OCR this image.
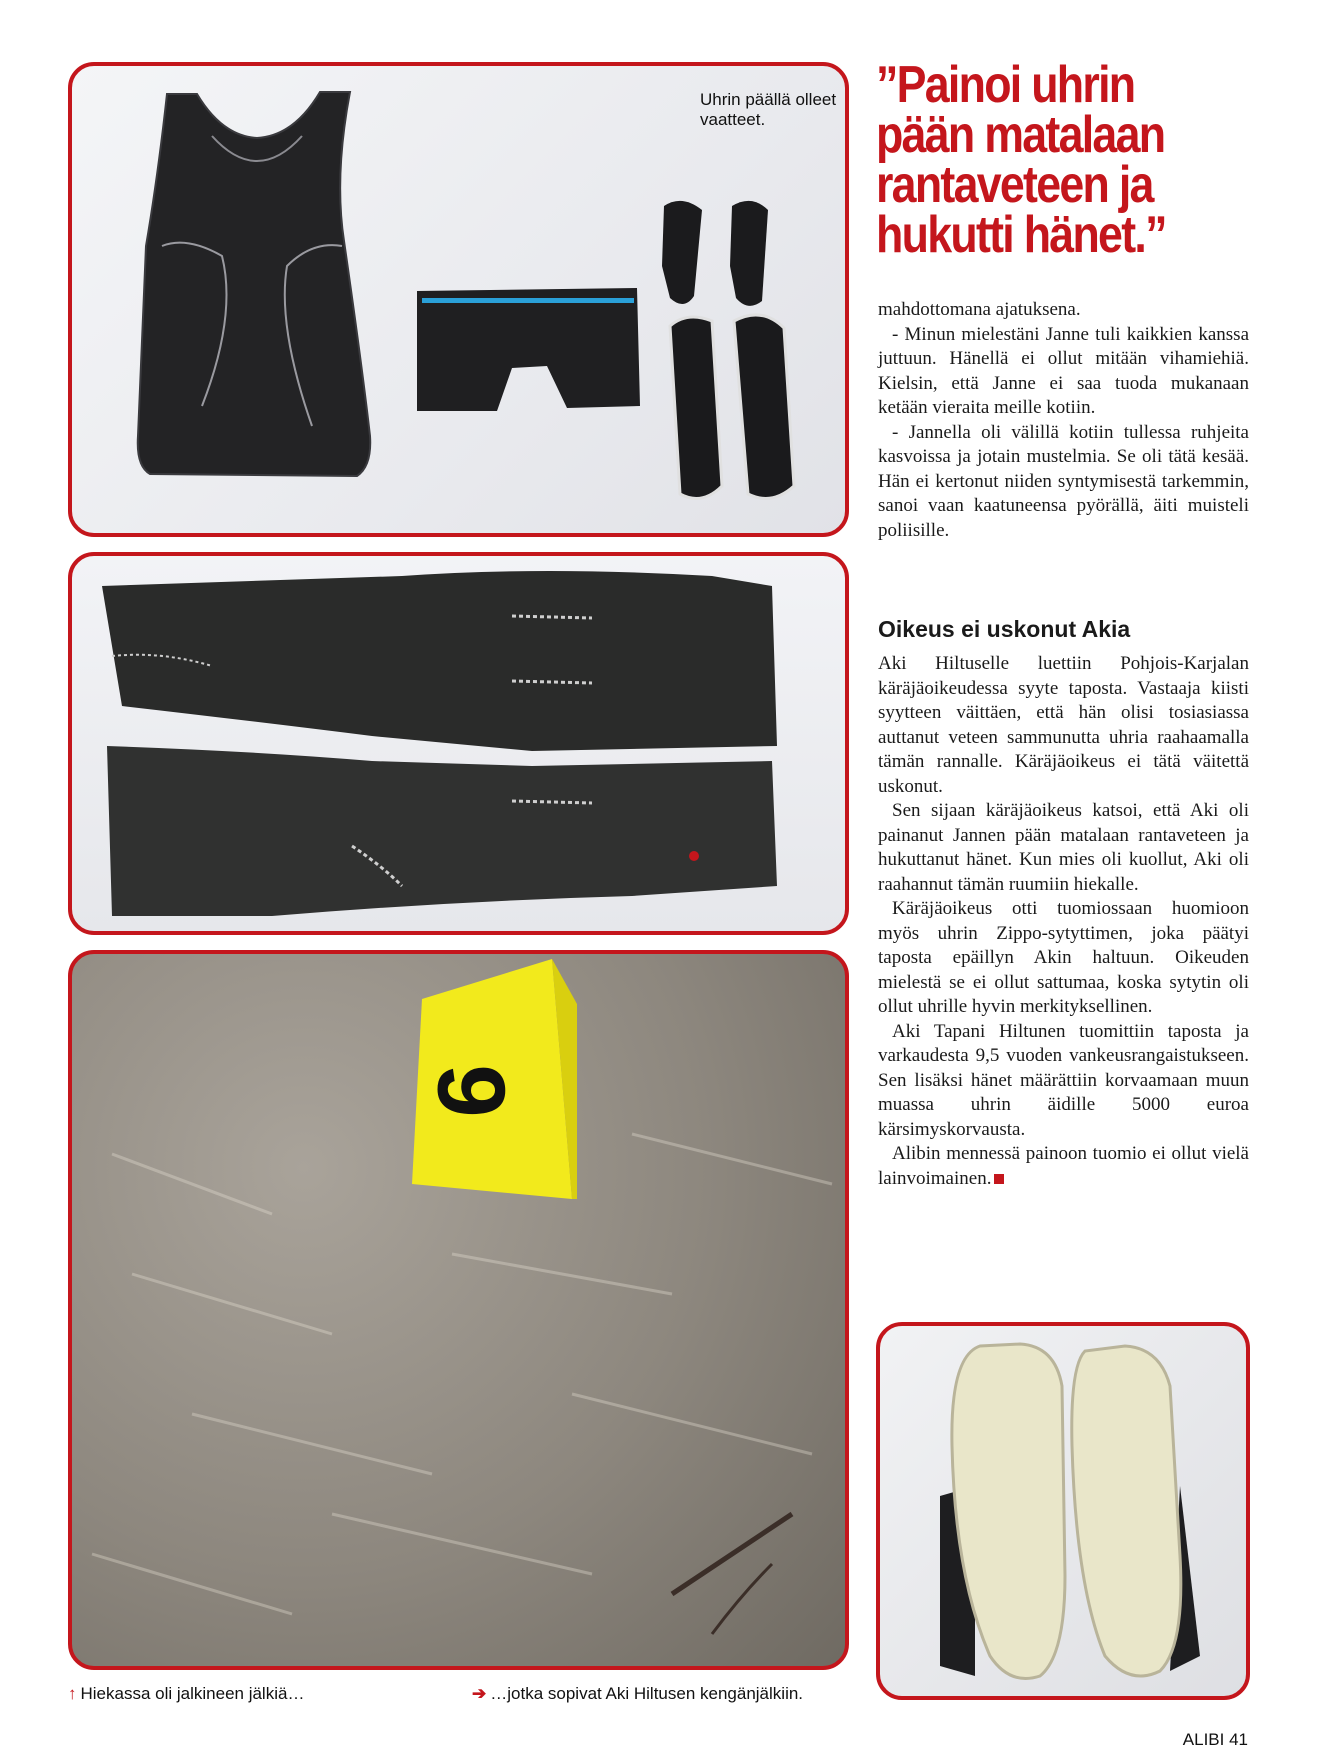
Uhrin päällä olleet vaatteet.
9
”Painoi uhrin pään matalaan rantaveteen ja hukutti hänet.”

mahdottomana ajatuksena.

- Minun mielestäni Janne tuli kaikkien kanssa juttuun. Hänellä ei ollut mitään vihamiehiä. Kielsin, että Janne ei saa tuoda mukanaan ketään vieraita meille kotiin.

- Jannella oli välillä kotiin tullessa ruhjeita kasvoissa ja jotain mustelmia. Se oli tätä kesää. Hän ei kertonut niiden syntymisestä tarkemmin, sanoi vaan kaatuneensa pyörällä, äiti muisteli poliisille.

Oikeus ei uskonut Akia

Aki Hiltuselle luettiin Pohjois-Karjalan käräjäoikeudessa syyte taposta. Vastaaja kiisti syytteen väittäen, että hän olisi tosiasiassa auttanut veteen sammunutta uhria raahaamalla tämän rannalle. Käräjäoikeus ei tätä väitettä uskonut.

Sen sijaan käräjäoikeus katsoi, että Aki oli painanut Jannen pään matalaan rantaveteen ja hukuttanut hänet. Kun mies oli kuollut, Aki oli raahannut tämän ruumiin hiekalle.

Käräjäoikeus otti tuomiossaan huomioon myös uhrin Zippo-sytyttimen, joka päätyi taposta epäillyn Akin haltuun. Oikeuden mielestä se ei ollut sattumaa, koska sytytin oli ollut uhrille hyvin merkityksellinen.

Aki Tapani Hiltunen tuomittiin taposta ja varkaudesta 9,5 vuoden vankeusrangaistukseen. Sen lisäksi hänet määrättiin korvaamaan muun muassa uhrin äidille 5000 euroa kärsimyskorvausta.

Alibin mennessä painoon tuomio ei ollut vielä lainvoimainen.

↑ Hiekassa oli jalkineen jälkiä…	➔ …jotka sopivat Aki Hiltusen kengänjälkiin.
ALIBI 41
